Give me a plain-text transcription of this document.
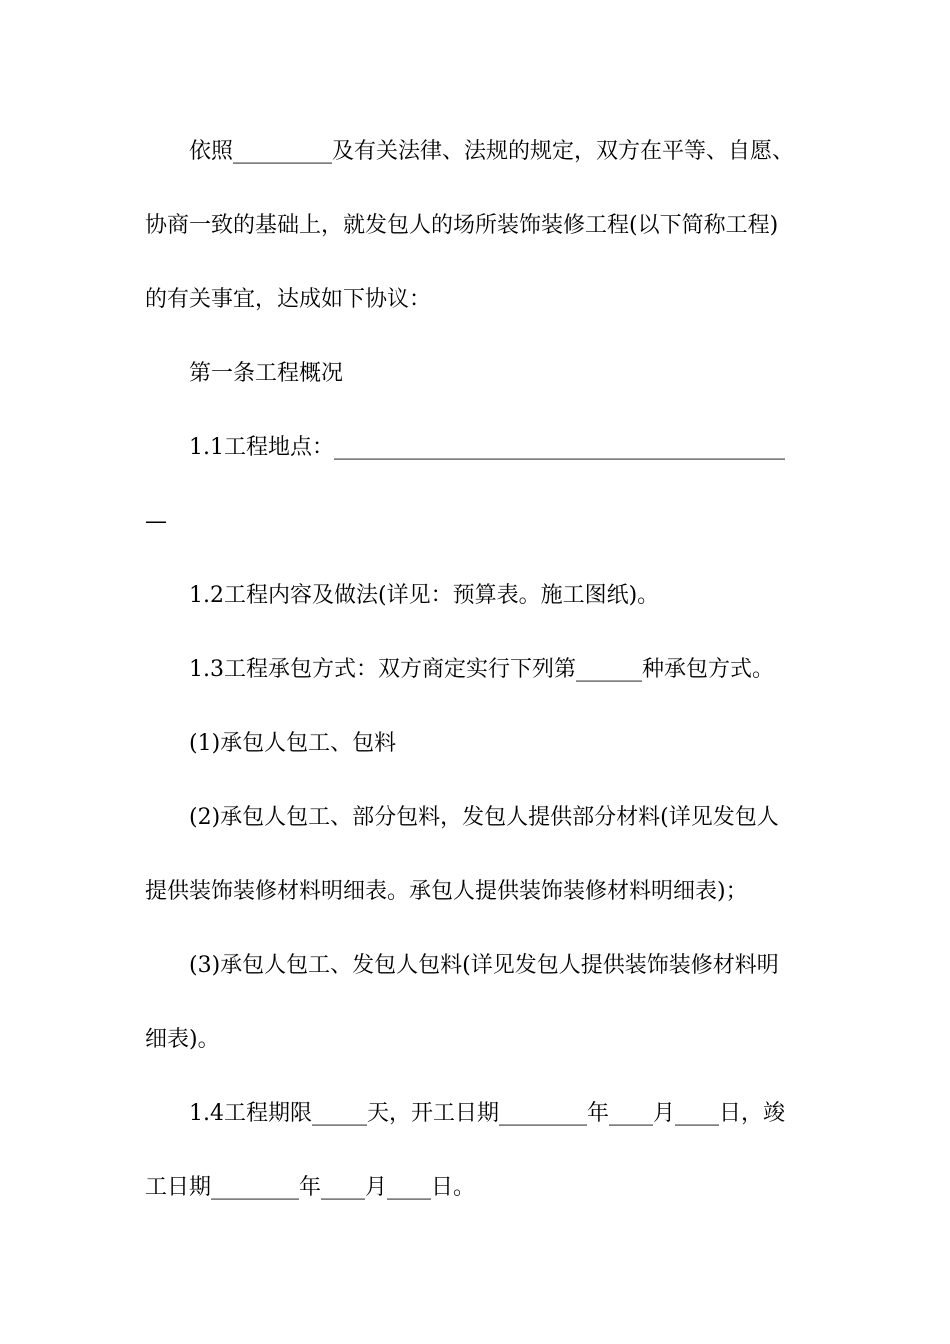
依照_________及有关法律、法规的规定，双方在平等、自愿、
协商一致的基础上，就发包人的场所装饰装修工程(以下简称工程)
的有关事宜，达成如下协议：
第一条工程概况
1.1工程地点：_________________________________________
—
1.2工程内容及做法(详见：预算表。施工图纸)。
1.3工程承包方式：双方商定实行下列第______种承包方式。
(1)承包人包工、包料
(2)承包人包工、部分包料，发包人提供部分材料(详见发包人
提供装饰装修材料明细表。承包人提供装饰装修材料明细表)；
(3)承包人包工、发包人包料(详见发包人提供装饰装修材料明
细表)。
1.4工程期限_____天，开工日期________年____月____日，竣
工日期________年____月____日。
